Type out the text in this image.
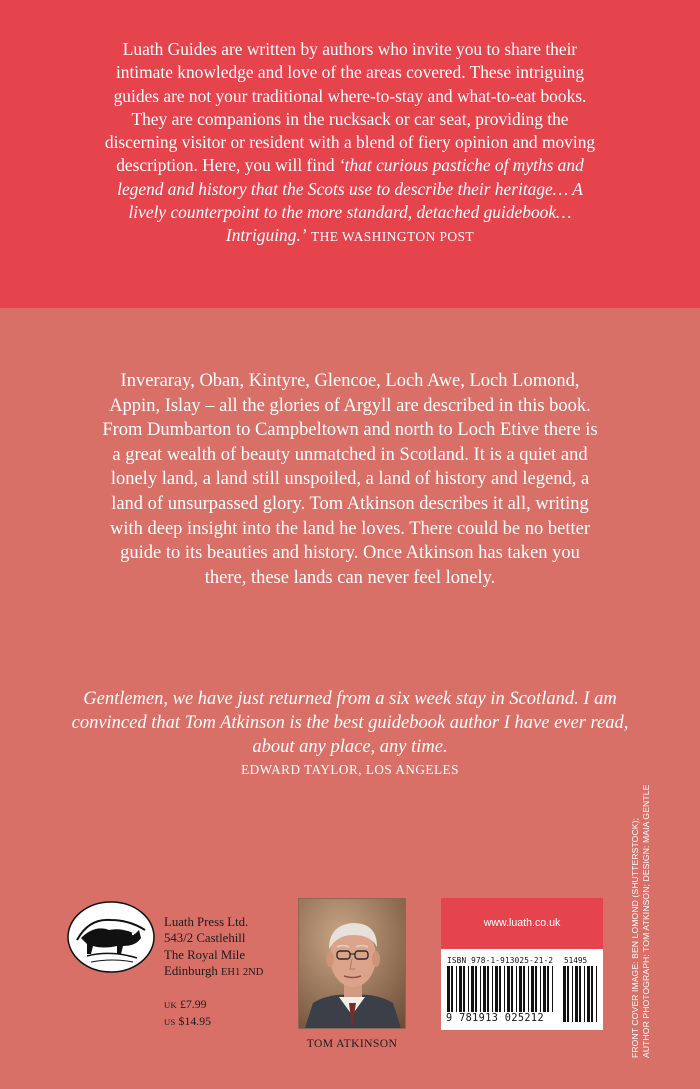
Luath Guides are written by authors who invite you to share their intimate knowledge and love of the areas covered. These intriguing guides are not your traditional where-to-stay and what-to-eat books. They are companions in the rucksack or car seat, providing the discerning visitor or resident with a blend of fiery opinion and moving description. Here, you will find ‘that curious pastiche of myths and legend and history that the Scots use to describe their heritage… A lively counterpoint to the more standard, detached guidebook… Intriguing.’ THE WASHINGTON POST
Inveraray, Oban, Kintyre, Glencoe, Loch Awe, Loch Lomond, Appin, Islay – all the glories of Argyll are described in this book. From Dumbarton to Campbeltown and north to Loch Etive there is a great wealth of beauty unmatched in Scotland. It is a quiet and lonely land, a land still unspoiled, a land of history and legend, a land of unsurpassed glory. Tom Atkinson describes it all, writing with deep insight into the land he loves. There could be no better guide to its beauties and history. Once Atkinson has taken you there, these lands can never feel lonely.
Gentlemen, we have just returned from a six week stay in Scotland. I am convinced that Tom Atkinson is the best guidebook author I have ever read, about any place, any time.
EDWARD TAYLOR, LOS ANGELES
Luath Press Ltd.
543/2 Castlehill
The Royal Mile
Edinburgh EH1 2ND
UK £7.99
US $14.95
TOM ATKINSON
www.luath.co.uk
ISBN 978-1-913025-21-2 51495
9 781913 025212	FRONT COVER IMAGE: BEN LOMOND (SHUTTERSTOCK); AUTHOR PHOTOGRAPH: TOM ATKINSON; DESIGN: MAIA GENTLE
